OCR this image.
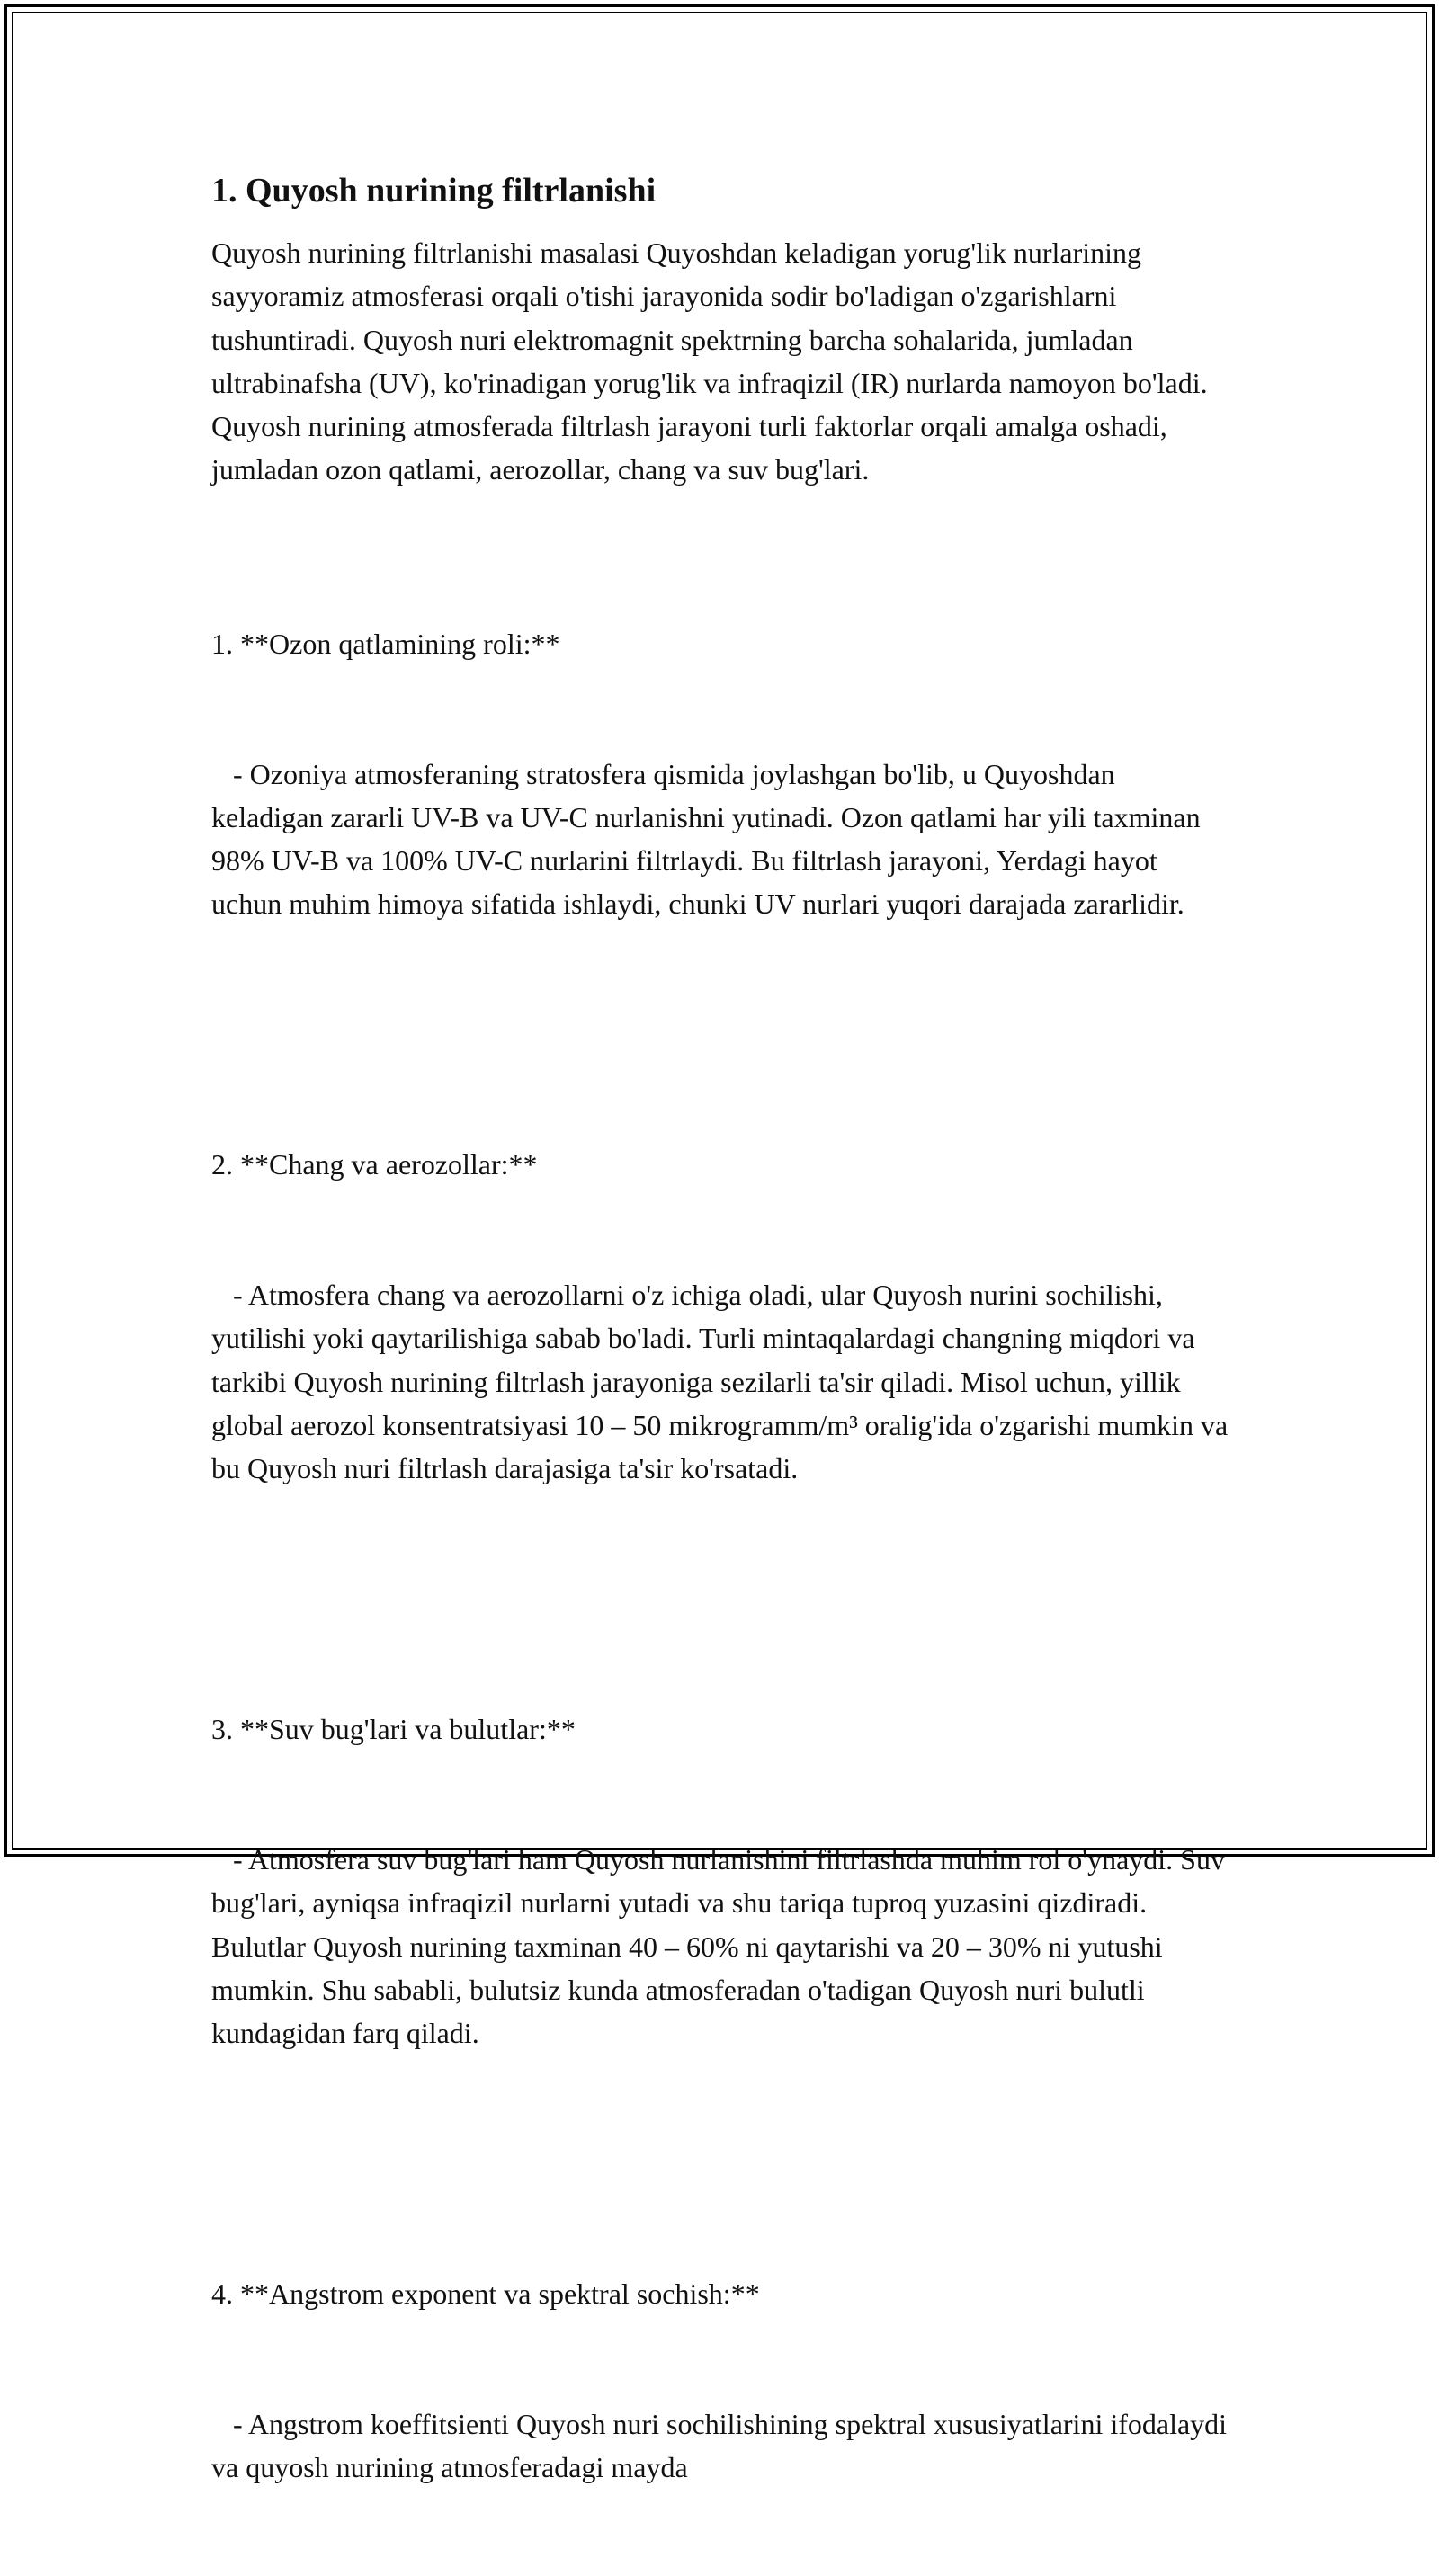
1. Quyosh nurining filtrlanishi

Quyosh nurining filtrlanishi masalasi Quyoshdan keladigan yorug'lik nurlarining sayyoramiz atmosferasi orqali o'tishi jarayonida sodir bo'ladigan o'zgarishlarni tushuntiradi. Quyosh nuri elektromagnit spektrning barcha sohalarida, jumladan ultrabinafsha (UV), ko'rinadigan yorug'lik va infraqizil (IR) nurlarda namoyon bo'ladi. Quyosh nurining atmosferada filtrlash jarayoni turli faktorlar orqali amalga oshadi, jumladan ozon qatlami, aerozollar, chang va suv bug'lari.

1. **Ozon qatlamining roli:**

- Ozoniya atmosferaning stratosfera qismida joylashgan bo'lib, u Quyoshdan keladigan zararli UV-B va UV-C nurlanishni yutinadi. Ozon qatlami har yili taxminan 98% UV-B va 100% UV-C nurlarini filtrlaydi. Bu filtrlash jarayoni, Yerdagi hayot uchun muhim himoya sifatida ishlaydi, chunki UV nurlari yuqori darajada zararlidir.

2. **Chang va aerozollar:**

- Atmosfera chang va aerozollarni o'z ichiga oladi, ular Quyosh nurini sochilishi, yutilishi yoki qaytarilishiga sabab bo'ladi. Turli mintaqalardagi changning miqdori va tarkibi Quyosh nurining filtrlash jarayoniga sezilarli ta'sir qiladi. Misol uchun, yillik global aerozol konsentratsiyasi 10 – 50 mikrogramm/m³ oralig'ida o'zgarishi mumkin va bu Quyosh nuri filtrlash darajasiga ta'sir ko'rsatadi.

3. **Suv bug'lari va bulutlar:**

- Atmosfera suv bug'lari ham Quyosh nurlanishini filtrlashda muhim rol o'ynaydi. Suv bug'lari, ayniqsa infraqizil nurlarni yutadi va shu tariqa tuproq yuzasini qizdiradi. Bulutlar Quyosh nurining taxminan 40 – 60% ni qaytarishi va 20 – 30% ni yutushi mumkin. Shu sababli, bulutsiz kunda atmosferadan o'tadigan Quyosh nuri bulutli kundagidan farq qiladi.

4. **Angstrom exponent va spektral sochish:**

- Angstrom koeffitsienti Quyosh nuri sochilishining spektral xususiyatlarini ifodalaydi va quyosh nurining atmosferadagi mayda
